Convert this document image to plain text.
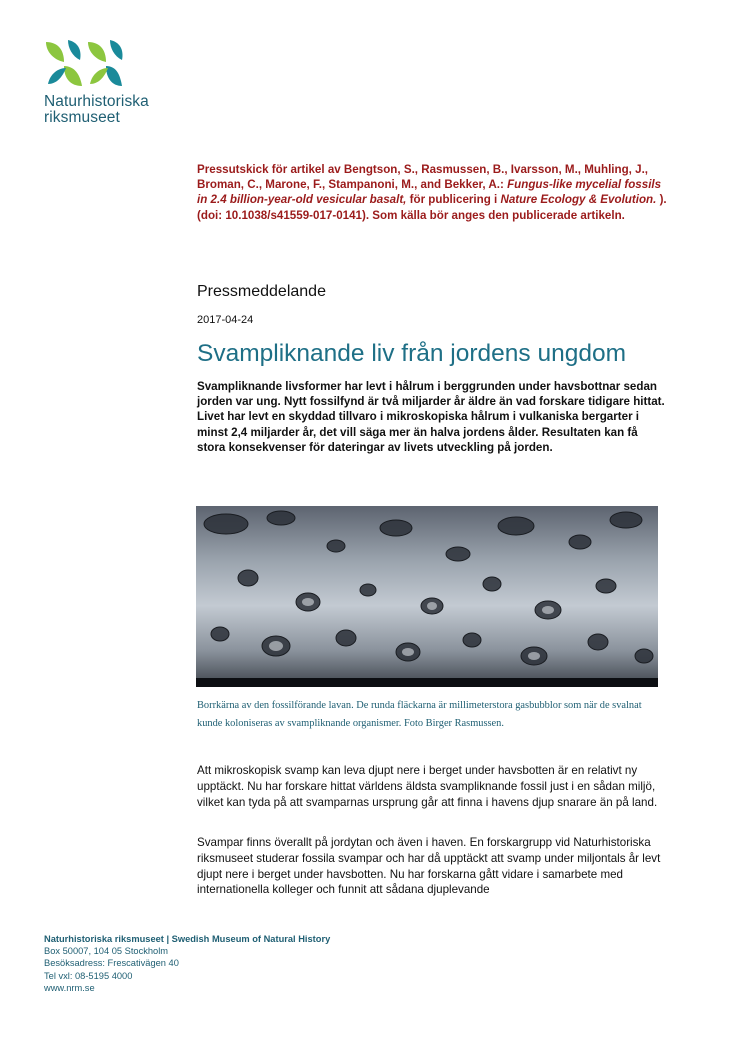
Naturhistoriska
riksmuseet
Pressutskick för artikel av Bengtson, S., Rasmussen, B., Ivarsson, M., Muhling, J., Broman, C., Marone, F., Stampanoni, M., and Bekker, A.: Fungus-like mycelial fossils in 2.4 billion-year-old vesicular basalt, för publicering i Nature Ecology & Evolution. ). (doi: 10.1038/s41559-017-0141). Som källa bör anges den publicerade artikeln.
Pressmeddelande
2017-04-24
Svampliknande liv från jordens ungdom

Svampliknande livsformer har levt i hålrum i berggrunden under havsbottnar sedan jorden var ung. Nytt fossilfynd är två miljarder år äldre än vad forskare tidigare hittat. Livet har levt en skyddad tillvaro i mikroskopiska hålrum i vulkaniska bergarter i minst 2,4 miljarder år, det vill säga mer än halva jordens ålder. Resultaten kan få stora konsekvenser för dateringar av livets utveckling på jorden.

Borrkärna av den fossilförande lavan. De runda fläckarna är millimeterstora gasbubblor som när de svalnat kunde koloniseras av svampliknande organismer. Foto Birger Rasmussen.

Att mikroskopisk svamp kan leva djupt nere i berget under havsbotten är en relativt ny upptäckt. Nu har forskare hittat världens äldsta svampliknande fossil just i en sådan miljö, vilket kan tyda på att svamparnas ursprung går att finna i havens djup snarare än på land.

Svampar finns överallt på jordytan och även i haven. En forskargrupp vid Naturhistoriska riksmuseet studerar fossila svampar och har då upptäckt att svamp under miljontals år levt djupt nere i berget under havsbotten. Nu har forskarna gått vidare i samarbete med internationella kolleger och funnit att sådana djuplevande

Naturhistoriska riksmuseet | Swedish Museum of Natural History
Box 50007, 104 05 Stockholm
Besöksadress: Frescativägen 40
Tel vxl: 08-5195 4000
www.nrm.se
